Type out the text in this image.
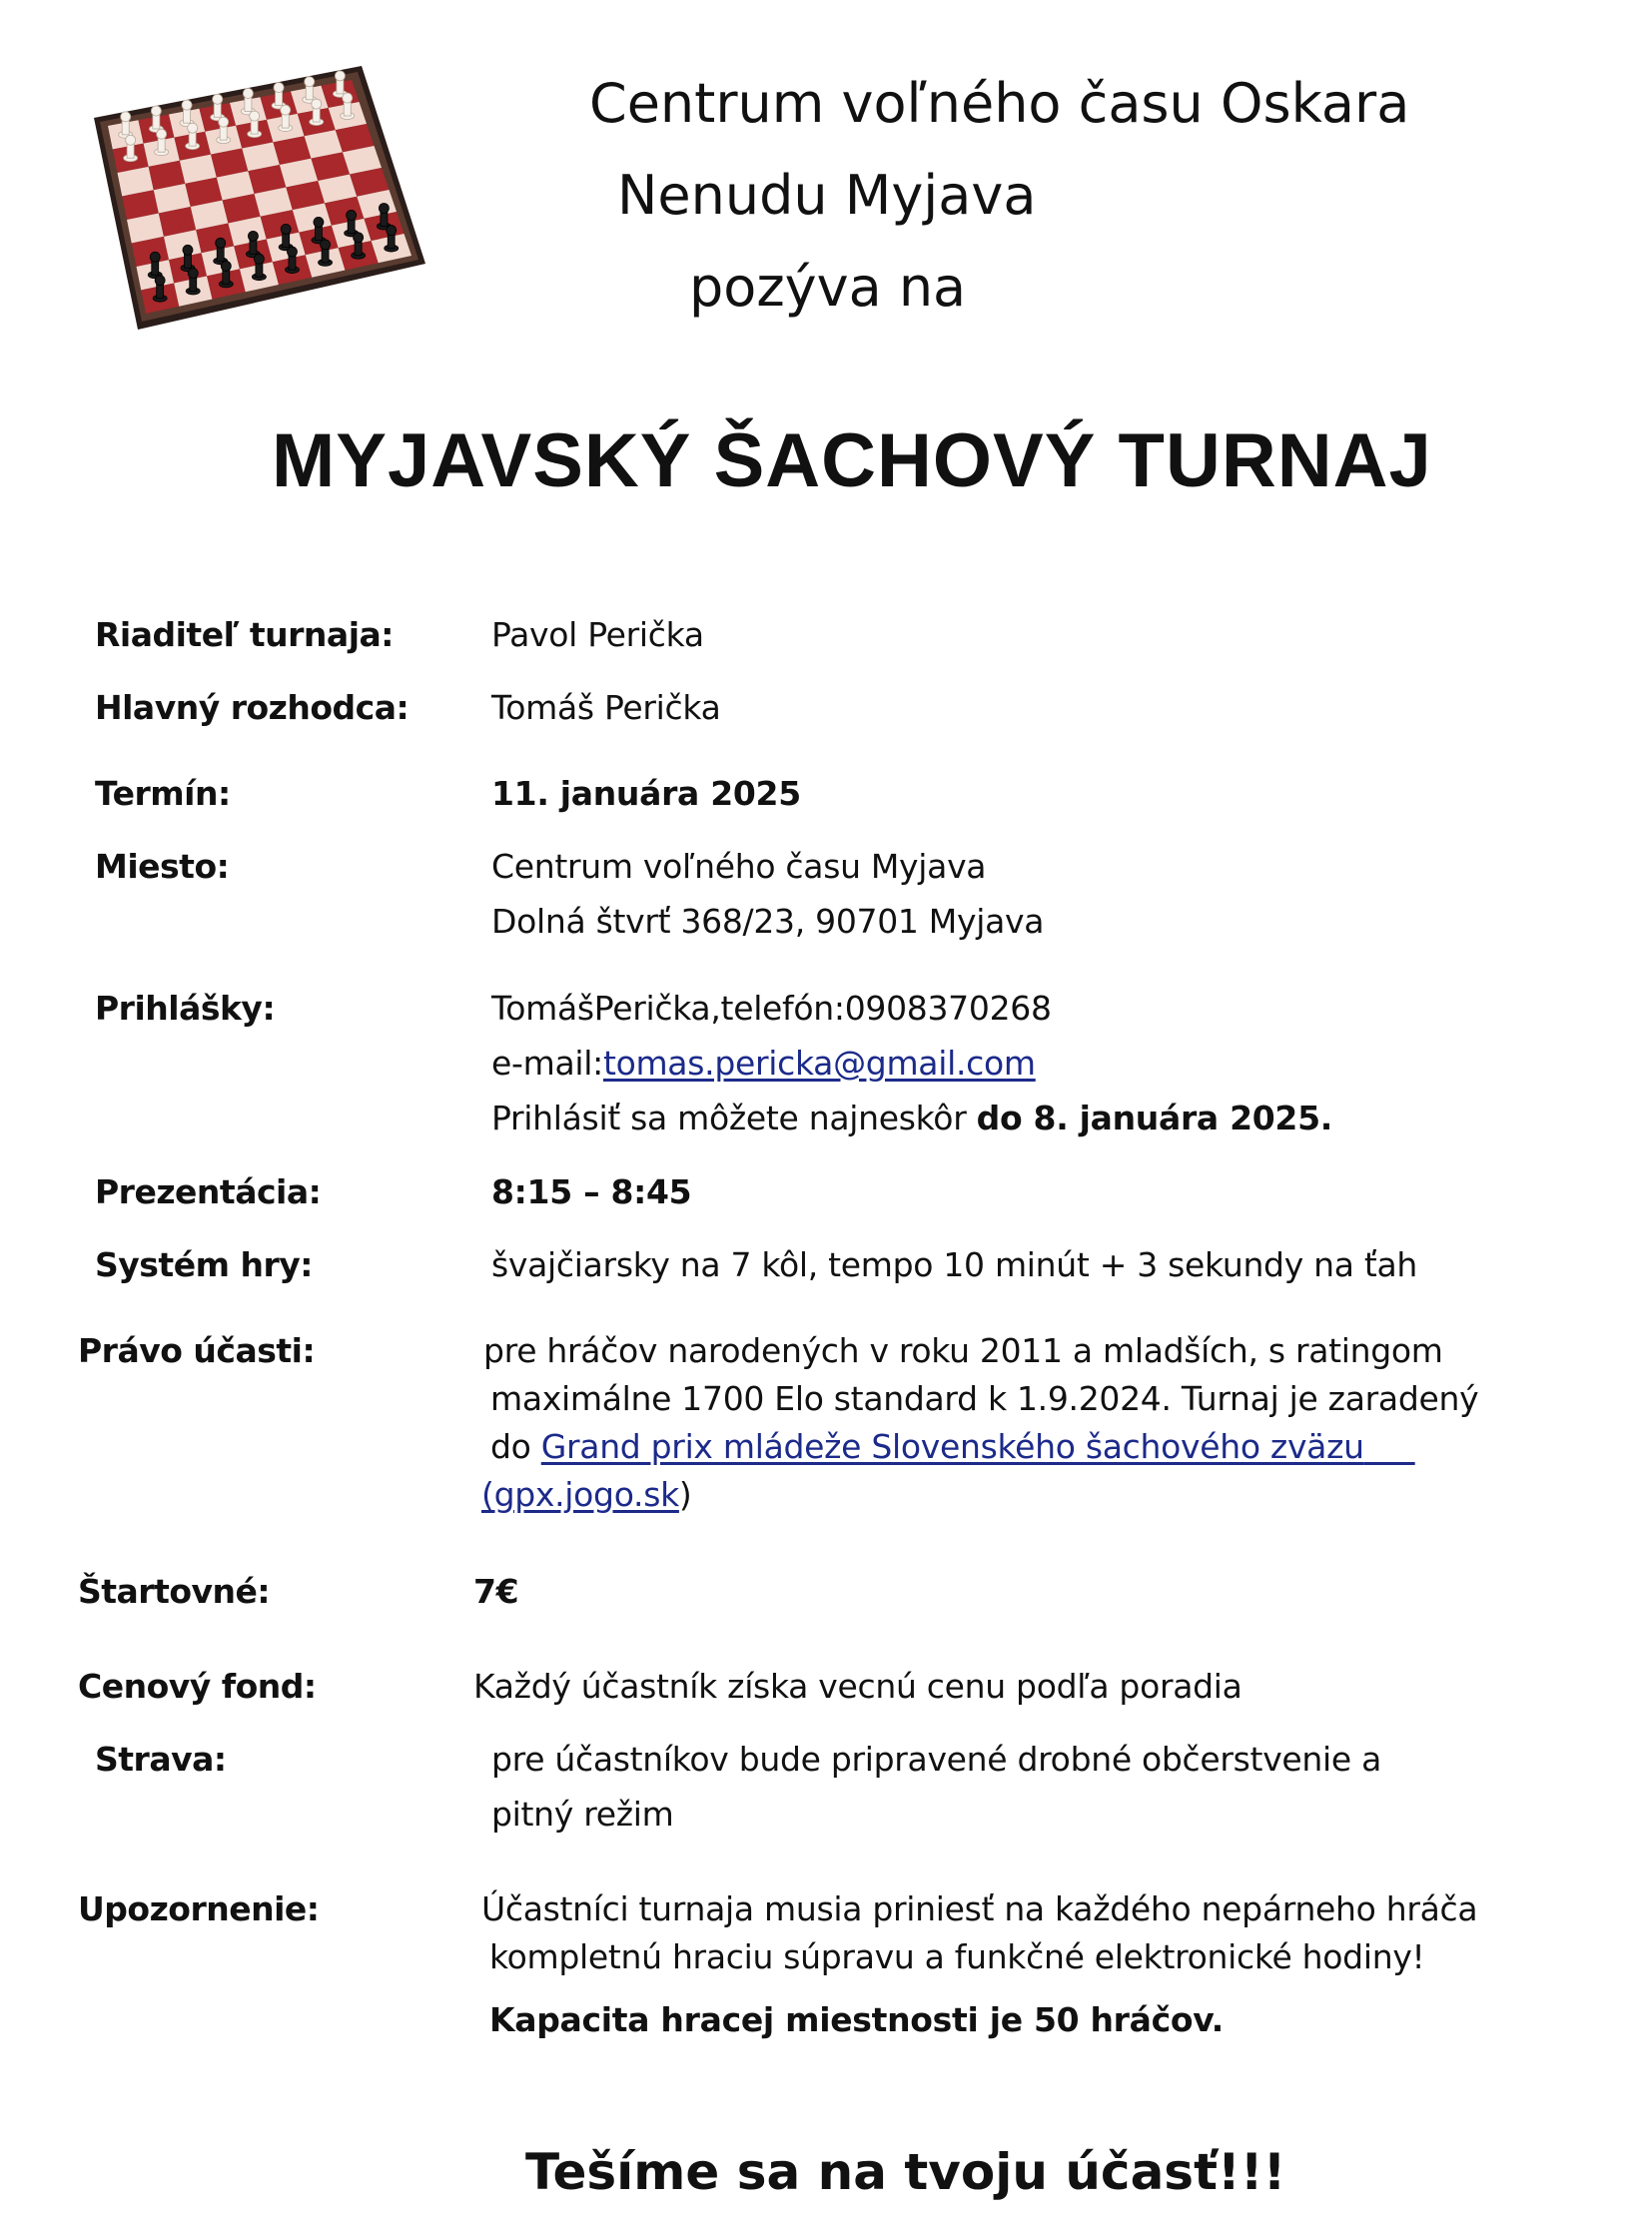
Centrum voľného času Oskara
Nenudu Myjava
pozýva na
MYJAVSKÝ ŠACHOVÝ TURNAJ
Riaditeľ turnaja:	Pavol Perička
Hlavný rozhodca:	Tomáš Perička
Termín:	11. januára 2025
Miesto:	Centrum voľného času Myjava
Dolná štvrť 368/23, 90701 Myjava
Prihlášky:	TomášPerička,telefón:0908370268
e-mail:tomas.pericka@gmail.com
Prihlásiť sa môžete najneskôr do 8. januára 2025.
Prezentácia:	8:15 – 8:45
Systém hry:	švajčiarsky na 7 kôl, tempo 10 minút + 3 sekundy na ťah
Právo účasti:	pre hráčov narodených v roku 2011 a mladších, s ratingom
maximálne 1700 Elo standard k 1.9.2024. Turnaj je zaradený
do Grand prix mládeže Slovenského šachového zväzu
(gpx.jogo.sk)
Štartovné:	7€
Cenový fond:	Každý účastník získa vecnú cenu podľa poradia
Strava:	pre účastníkov bude pripravené drobné občerstvenie a
pitný režim
Upozornenie:	Účastníci turnaja musia priniesť na každého nepárneho hráča
kompletnú hraciu súpravu a funkčné elektronické hodiny!
Kapacita hracej miestnosti je 50 hráčov.
Tešíme sa na tvoju účasť!!!
